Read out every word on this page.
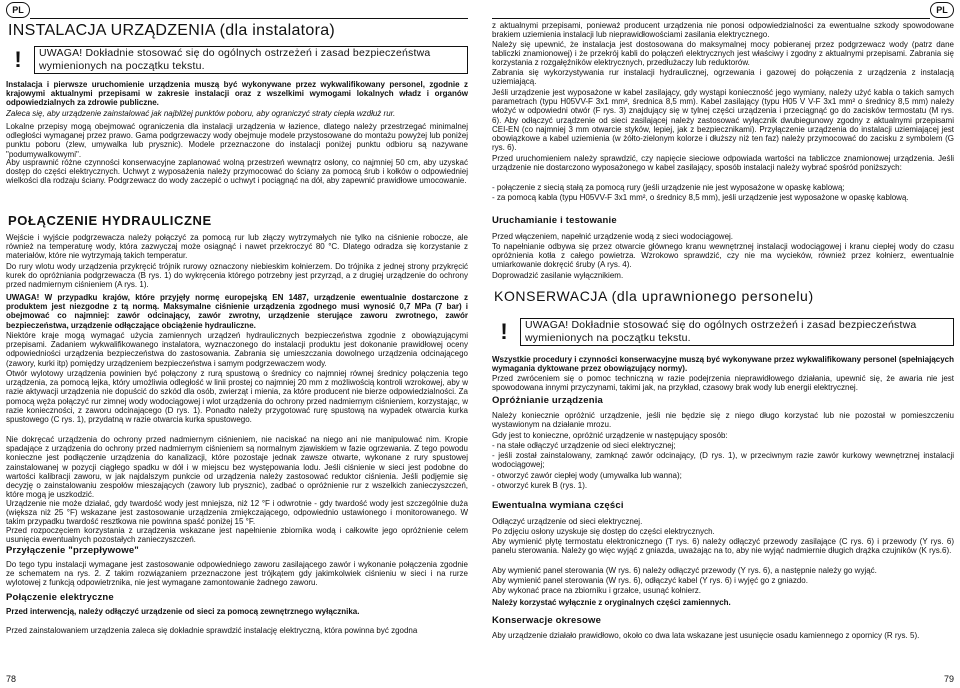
PL
INSTALACJA URZĄDZENIA (dla instalatora)
!	UWAGA! Dokładnie stosować się do ogólnych ostrzeżeń i zasad bezpieczeństwa wymienionych na początku tekstu.

Instalacja i pierwsze uruchomienie urządzenia muszą być wykonywane przez wykwalifikowany personel, zgodnie z krajowymi aktualnymi przepisami w zakresie instalacji oraz z wszelkimi wymogami lokalnych władz i organów odpowiedzialnych za zdrowie publiczne.

Zaleca się, aby urządzenie zainstalować jak najbliżej punktów poboru, aby ograniczyć straty ciepła wzdłuż rur.

Lokalne przepisy mogą obejmować ograniczenia dla instalacji urządzenia w łazience, dlatego należy przestrzegać minimalnej odległości wymaganej przez prawo. Gama podgrzewaczy wody obejmuje modele przystosowane do montażu powyżej lub poniżej punktu poboru (zlew, umywalka lub prysznic). Modele przeznaczone do instalacji poniżej punktu odbioru są nazywane "podumywalkowymi".

Aby usprawnić różne czynności konserwacyjne zaplanować wolną przestrzeń wewnątrz osłony, co najmniej 50 cm, aby uzyskać dostęp do części elektrycznych. Uchwyt z wyposażenia należy przymocować do ściany za pomocą śrub i kołków o odpowiedniej wielkości dla rodzaju ściany. Podgrzewacz do wody zaczepić o uchwyt i pociągnąć na dół, aby zapewnić prawidłowe umocowanie.

POŁĄCZENIE HYDRAULICZNE

Wejście i wyjście podgrzewacza należy połączyć za pomocą rur lub złączy wytrzymałych nie tylko na ciśnienie robocze, ale również na temperaturę wody, która zazwyczaj może osiągnąć i nawet przekroczyć 80 °C. Dlatego odradza się korzystanie z materiałów, które nie wytrzymają takich temperatur.

Do rury wlotu wody urządzenia przykręcić trójnik rurowy oznaczony niebieskim kołnierzem. Do trójnika z jednej strony przykręcić kurek do opróżniania podgrzewacza (B rys. 1) do wykręcenia którego potrzebny jest przyrząd, a z drugiej urządzenie do ochrony przed nadmiernym ciśnieniem (A rys. 1).

UWAGA! W przypadku krajów, które przyjęły normę europejską EN 1487, urządzenie ewentualnie dostarczone z produktem jest niezgodne z tą normą. Maksymalne ciśnienie urządzenia zgodnego musi wynosić 0,7 MPa (7 bar) i obejmować co najmniej: zawór odcinający, zawór zwrotny, urządzenie sterujące zaworu zwrotnego, zawór bezpieczeństwa, urządzenie odłączające obciążenie hydrauliczne.

Niektóre kraje mogą wymagać użycia zamiennych urządzeń hydraulicznych bezpieczeństwa zgodnie z obowiązującymi przepisami. Zadaniem wykwalifikowanego instalatora, wyznaczonego do instalacji produktu jest dokonanie prawidłowej oceny odpowiedniości urządzenia bezpieczeństwa do zastosowania. Zabrania się umieszczania dowolnego urządzenia odcinającego (zawory, kurki itp) pomiędzy urządzeniem bezpieczeństwa i samym podgrzewaczem wody.

Otwór wylotowy urządzenia powinien być połączony z rurą spustową o średnicy co najmniej równej średnicy połączenia tego urządzenia, za pomocą lejka, który umożliwia odległość w linii prostej co najmniej 20 mm z możliwością kontroli wzrokowej, aby w razie aktywacji urządzenia nie dopuścić do szkód dla osób, zwierząt i mienia, za które producent nie bierze odpowiedzialności. Za pomocą węża połączyć rur zimnej wody wodociągowej i wlot urządzenia do ochrony przed nadmiernym ciśnieniem, korzystając, w razie konieczności, z zaworu odcinającego (D rys. 1). Ponadto należy przygotować rurę spustową na wypadek otwarcia kurka spustowego (C rys. 1), przydatną w razie otwarcia kurka spustowego.

Nie dokręcać urządzenia do ochrony przed nadmiernym ciśnieniem, nie naciskać na niego ani nie manipulować nim. Kropie spadające z urządzenia do ochrony przed nadmiernym ciśnieniem są normalnym zjawiskiem w fazie ogrzewania. Z tego powodu konieczne jest podłączenie urządzenia do kanalizacji, które pozostaje jednak zawsze otwarte, wykonane z rury spustowej zainstalowanej w pozycji ciągłego spadku w dół i w miejscu bez występowania lodu. Jeśli ciśnienie w sieci jest podobne do wartości kalibracji zaworu, w jak najdalszym punkcie od urządzenia należy zastosować reduktor ciśnienia. Jeśli podjęmie się decyzję o zainstalowaniu zespołów mieszających (zawory lub prysznic), zadbać o opróżnienie rur z wszelkich zanieczyszczeń, które mogą je uszkodzić.

Urządzenie nie może działać, gdy twardość wody jest mniejsza, niż 12 °F i odwrotnie - gdy twardość wody jest szczególnie duża (większa niż 25 °F) wskazane jest zastosowanie urządzenia zmiękczającego, odpowiednio ustawionego i monitorowanego. W takim przypadku twardość resztkowa nie powinna spaść poniżej 15 °F.

Przed rozpoczęciem korzystania z urządzenia wskazane jest napełnienie zbiornika wodą i całkowite jego opróżnienie celem usunięcia ewentualnych pozostałych zanieczyszczeń.

Przyłączenie "przepływowe"

Do tego typu instalacji wymagane jest zastosowanie odpowiedniego zaworu zasilającego zawór i wykonanie połączenia zgodnie ze schematem na rys. 2. Z takim rozwiązaniem przeznaczone jest trójkątem gdy jakimkolwiek ciśnieniu w sieci i na rurze wylotowej z funkcją odpowietrznika, nie jest wymagane zamontowanie żadnego zaworu.

Połączenie elektryczne

Przed interwencją, należy odłączyć urządzenie od sieci za pomocą zewnętrznego wyłącznika.

Przed zainstalowaniem urządzenia zaleca się dokładnie sprawdzić instalację elektryczną, która powinna być zgodna

78
PL

z aktualnymi przepisami, ponieważ producent urządzenia nie ponosi odpowiedzialności za ewentualne szkody spowodowane brakiem uziemienia instalacji lub nieprawidłowościami zasilania elektrycznego.

Należy się upewnić, że instalacja jest dostosowana do maksymalnej mocy pobieranej przez podgrzewacz wody (patrz dane tabliczki znamionowej) i że przekrój kabli do połączeń elektrycznych jest właściwy i zgodny z aktualnymi przepisami. Zabrania się korzystania z rozgałęźników elektrycznych, przedłużaczy lub reduktorów.

Zabrania się wykorzystywania rur instalacji hydraulicznej, ogrzewania i gazowej do połączenia z urządzenia z instalacją uziemiającą.

Jeśli urządzenie jest wyposażone w kabel zasilający, gdy wystąpi konieczność jego wymiany, należy użyć kabla o takich samych parametrach (typu H05VV-F 3x1 mm², średnica 8,5 mm). Kabel zasilający (typu H05 V V-F 3x1 mm² o średnicy 8,5 mm) należy włożyć w odpowiedni otwór (F rys. 3) znajdujący się w tylnej części urządzenia i przeciągnąć go do zacisków termostatu (M rys. 6). Aby odłączyć urządzenie od sieci zasilającej należy zastosować wyłącznik dwubiegunowy zgodny z aktualnymi przepisami CEI-EN (co najmniej 3 mm otwarcie styków, lepiej, jak z bezpiecznikami). Przyłączenie urządzenia do instalacji uziemiającej jest obowiązkowe a kabel uziemienia (w żółto-zielonym kolorze i dłuższy niż ten faz) należy przymocować do zacisku z symbolem (G rys. 6).

Przed uruchomieniem należy sprawdzić, czy napięcie sieciowe odpowiada wartości na tabliczce znamionowej urządzenia. Jeśli urządzenie nie dostarczono wyposażonego w kabel zasilający, sposób instalacji należy wybrać spośród poniższych:

- połączenie z siecią stałą za pomocą rury (jeśli urządzenie nie jest wyposażone w opaskę kablową;

- za pomocą kabla (typu H05VV-F 3x1 mm², o średnicy 8,5 mm), jeśli urządzenie jest wyposażone w opaskę kablową.

Uruchamianie i testowanie

Przed włączeniem, napełnić urządzenie wodą z sieci wodociągowej.

To napełnianie odbywa się przez otwarcie głównego kranu wewnętrznej instalacji wodociągowej i kranu ciepłej wody do czasu opróżnienia kotła z całego powietrza. Wzrokowo sprawdzić, czy nie ma wycieków, również przez kołnierz, ewentualnie umiarkowanie dokręcić śruby (A rys. 4).

Doprowadzić zasilanie wyłącznikiem.

KONSERWACJA (dla uprawnionego personelu)
!	UWAGA! Dokładnie stosować się do ogólnych ostrzeżeń i zasad bezpieczeństwa wymienionych na początku tekstu.

Wszystkie procedury i czynności konserwacyjne muszą być wykonywane przez wykwalifikowany personel (spełniających wymagania dyktowane przez obowiązujący normy).

Przed zwróceniem się o pomoc techniczną w razie podejrzenia nieprawidłowego działania, upewnić się, że awaria nie jest spowodowana innymi przyczynami, takimi jak, na przykład, czasowy brak wody lub energii elektrycznej.

Opróżnianie urządzenia

Należy koniecznie opróżnić urządzenie, jeśli nie będzie się z niego długo korzystać lub nie pozostał w pomieszczeniu wystawionym na działanie mrozu.

Gdy jest to konieczne, opróżnić urządzenie w następujący sposób:

- na stałe odłączyć urządzenie od sieci elektrycznej;

- jeśli został zainstalowany, zamknąć zawór odcinający, (D rys. 1), w przeciwnym razie zawór kurkowy wewnętrznej instalacji wodociągowej;

- otworzyć zawór ciepłej wody (umywalka lub wanna);

- otworzyć kurek B (rys. 1).

Ewentualna wymiana części

Odłączyć urządzenie od sieci elektrycznej.

Po zdjęciu osłony uzyskuje się dostęp do części elektrycznych.

Aby wymienić płytę termostatu elektronicznego (T rys. 6) należy odłączyć przewody zasilające (C rys. 6) i przewody (Y rys. 6) panelu sterowania. Należy go więc wyjąć z gniazda, uważając na to, aby nie wyjąć nadmiernie długich drążka czujników (K rys.6).

Aby wymienić panel sterowania (W rys. 6) należy odłączyć przewody (Y rys. 6), a następnie należy go wyjąć.

Aby wymienić panel sterowania (W rys. 6), odłączyć kabel (Y rys. 6) i wyjęć go z gniazdo.

Aby wykonać prace na zbiorniku i grzałce, usunąć kołnierz.

Należy korzystać wyłącznie z oryginalnych części zamiennych.

Konserwacje okresowe

Aby urządzenie działało prawidłowo, około co dwa lata wskazane jest usunięcie osadu kamiennego z opornicy (R rys. 5).

79
